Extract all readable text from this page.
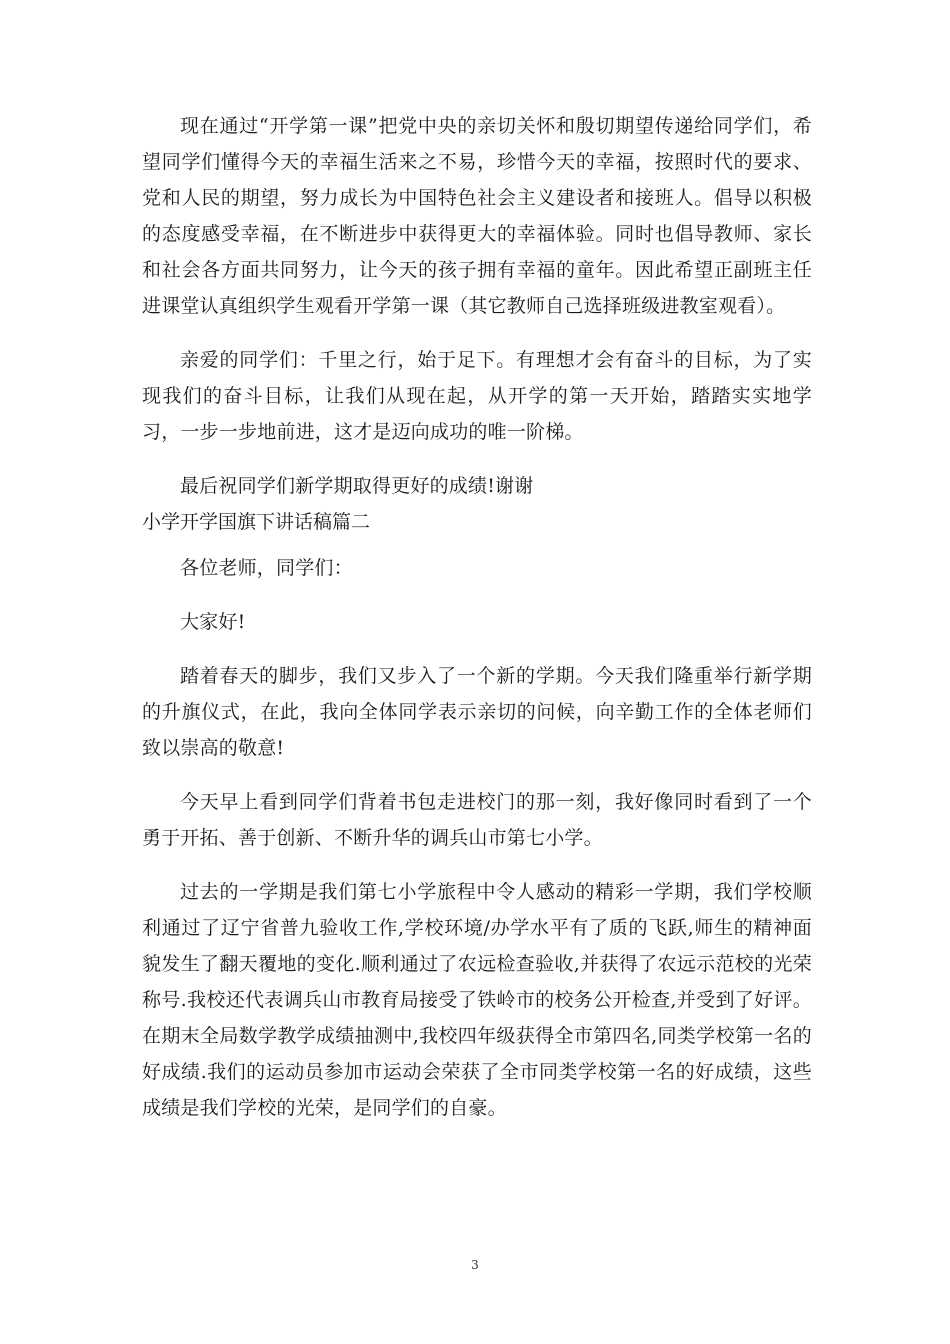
现在通过“开学第一课”把党中央的亲切关怀和殷切期望传递给同学们，希望同学们懂得今天的幸福生活来之不易，珍惜今天的幸福，按照时代的要求、党和人民的期望，努力成长为中国特色社会主义建设者和接班人。倡导以积极的态度感受幸福，在不断进步中获得更大的幸福体验。同时也倡导教师、家长和社会各方面共同努力，让今天的孩子拥有幸福的童年。因此希望正副班主任进课堂认真组织学生观看开学第一课（其它教师自己选择班级进教室观看）。

亲爱的同学们：千里之行，始于足下。有理想才会有奋斗的目标，为了实现我们的奋斗目标，让我们从现在起，从开学的第一天开始，踏踏实实地学习，一步一步地前进，这才是迈向成功的唯一阶梯。

最后祝同学们新学期取得更好的成绩!谢谢

小学开学国旗下讲话稿篇二

各位老师，同学们：

大家好!

踏着春天的脚步，我们又步入了一个新的学期。今天我们隆重举行新学期的升旗仪式，在此，我向全体同学表示亲切的问候，向辛勤工作的全体老师们致以崇高的敬意!

今天早上看到同学们背着书包走进校门的那一刻，我好像同时看到了一个勇于开拓、善于创新、不断升华的调兵山市第七小学。

过去的一学期是我们第七小学旅程中令人感动的精彩一学期，我们学校顺利通过了辽宁省普九验收工作,学校环境/办学水平有了质的飞跃,师生的精神面貌发生了翻天覆地的变化.顺利通过了农远检查验收,并获得了农远示范校的光荣称号.我校还代表调兵山市教育局接受了铁岭市的校务公开检查,并受到了好评。在期末全局数学教学成绩抽测中,我校四年级获得全市第四名,同类学校第一名的好成绩.我们的运动员参加市运动会荣获了全市同类学校第一名的好成绩，这些成绩是我们学校的光荣，是同学们的自豪。

3
